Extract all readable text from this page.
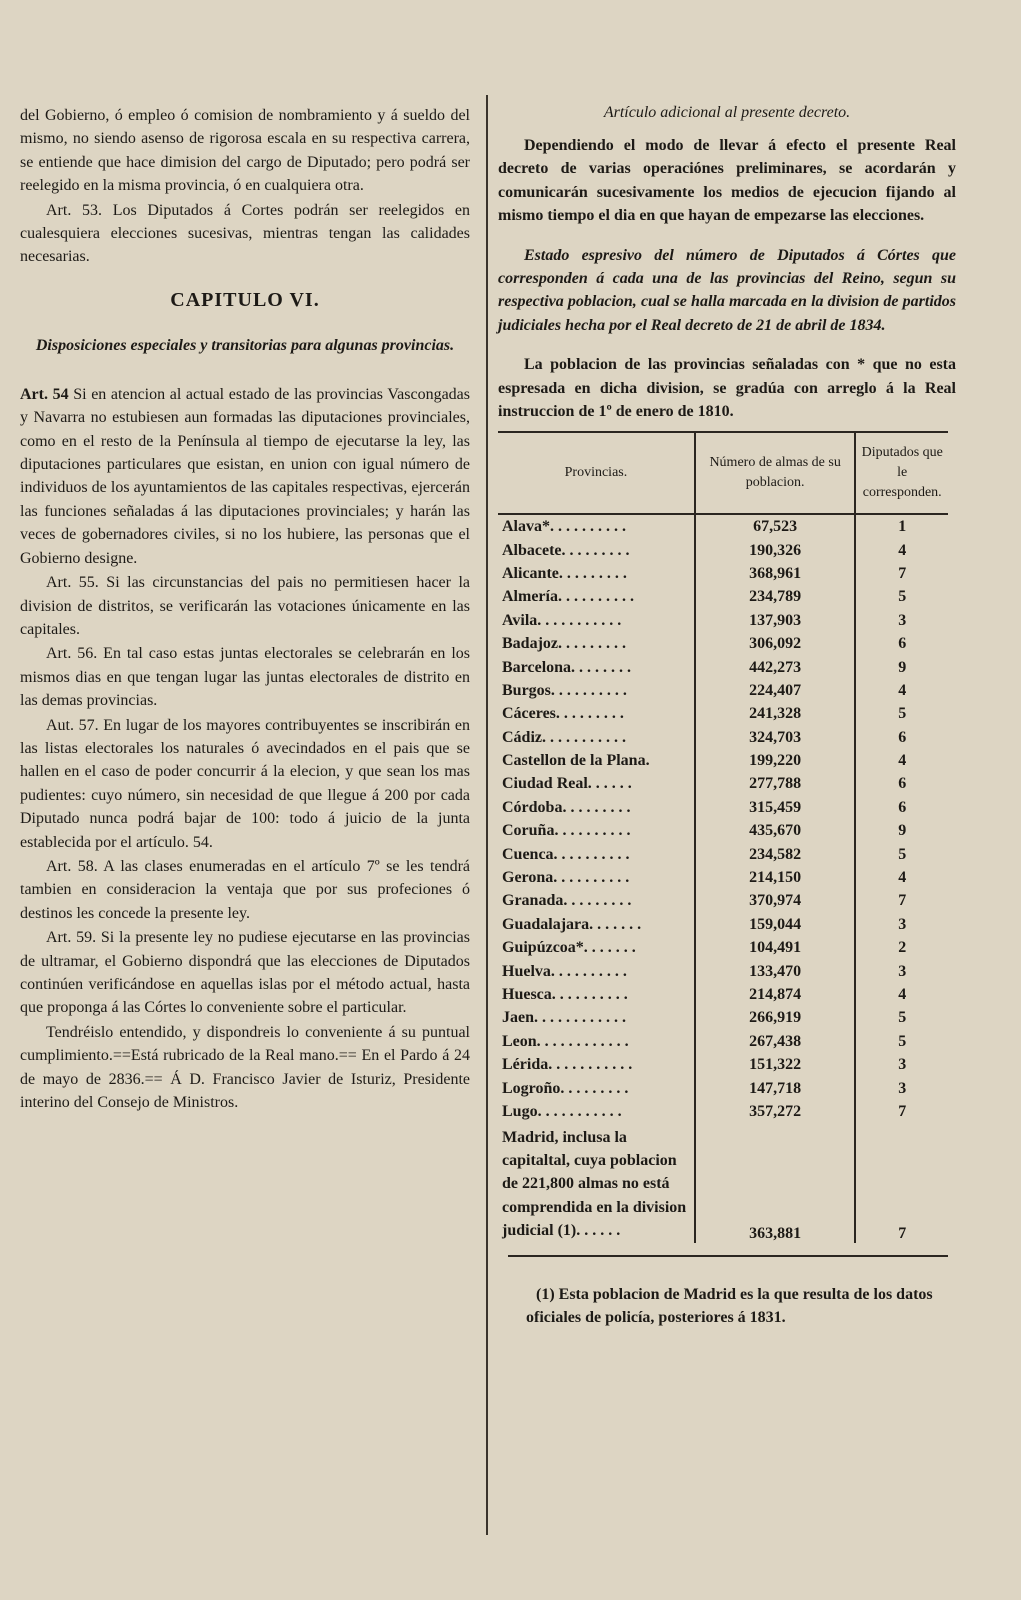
del Gobierno, ó empleo ó comision de nombramiento y á sueldo del mismo, no siendo asenso de rigorosa escala en su respectiva carrera, se entiende que hace dimision del cargo de Diputado; pero podrá ser reelegido en la misma provincia, ó en cualquiera otra.

Art. 53. Los Diputados á Cortes podrán ser reelegidos en cualesquiera elecciones sucesivas, mientras tengan las calidades necesarias.

CAPITULO VI.
Disposiciones especiales y transitorias para algunas provincias.

Art. 54 Si en atencion al actual estado de las provincias Vascongadas y Navarra no estubiesen aun formadas las diputaciones provinciales, como en el resto de la Península al tiempo de ejecutarse la ley, las diputaciones particulares que esistan, en union con igual número de individuos de los ayuntamientos de las capitales respectivas, ejercerán las funciones señaladas á las diputaciones provinciales; y harán las veces de gobernadores civiles, si no los hubiere, las personas que el Gobierno designe.

Art. 55. Si las circunstancias del pais no permitiesen hacer la division de distritos, se verificarán las votaciones únicamente en las capitales.

Art. 56. En tal caso estas juntas electorales se celebrarán en los mismos dias en que tengan lugar las juntas electorales de distrito en las demas provincias.

Aut. 57. En lugar de los mayores contribuyentes se inscribirán en las listas electorales los naturales ó avecindados en el pais que se hallen en el caso de poder concurrir á la elecion, y que sean los mas pudientes: cuyo número, sin necesidad de que llegue á 200 por cada Diputado nunca podrá bajar de 100: todo á juicio de la junta establecida por el artículo. 54.

Art. 58. A las clases enumeradas en el artículo 7º se les tendrá tambien en consideracion la ventaja que por sus profeciones ó destinos les concede la presente ley.

Art. 59. Si la presente ley no pudiese ejecutarse en las provincias de ultramar, el Gobierno dispondrá que las elecciones de Diputados continúen verificándose en aquellas islas por el método actual, hasta que proponga á las Córtes lo conveniente sobre el particular.

Tendréislo entendido, y dispondreis lo conveniente á su puntual cumplimiento.==Está rubricado de la Real mano.== En el Pardo á 24 de mayo de 2836.== Á D. Francisco Javier de Isturiz, Presidente interino del Consejo de Ministros.

Artículo adicional al presente decreto.

Dependiendo el modo de llevar á efecto el presente Real decreto de varias operaciónes preliminares, se acordarán y comunicarán sucesivamente los medios de ejecucion fijando al mismo tiempo el dia en que hayan de empezarse las elecciones.

Estado espresivo del número de Diputados á Córtes que corresponden á cada una de las provincias del Reino, segun su respectiva poblacion, cual se halla marcada en la division de partidos judiciales hecha por el Real decreto de 21 de abril de 1834.

La poblacion de las provincias señaladas con * que no esta espresada en dicha division, se gradúa con arreglo á la Real instruccion de 1º de enero de 1810.

Provincias.	Número de almas de su poblacion.	Diputados que le corresponden.
Alava*. . . . . . . . . .	67,523	1
Albacete. . . . . . . . .	190,326	4
Alicante. . . . . . . . .	368,961	7
Almería. . . . . . . . . .	234,789	5
Avila. . . . . . . . . . .	137,903	3
Badajoz. . . . . . . . .	306,092	6
Barcelona. . . . . . . .	442,273	9
Burgos. . . . . . . . . .	224,407	4
Cáceres. . . . . . . . .	241,328	5
Cádiz. . . . . . . . . . .	324,703	6
Castellon de la Plana.	199,220	4
Ciudad Real. . . . . .	277,788	6
Córdoba. . . . . . . . .	315,459	6
Coruña. . . . . . . . . .	435,670	9
Cuenca. . . . . . . . . .	234,582	5
Gerona. . . . . . . . . .	214,150	4
Granada. . . . . . . . .	370,974	7
Guadalajara. . . . . . .	159,044	3
Guipúzcoa*. . . . . . .	104,491	2
Huelva. . . . . . . . . .	133,470	3
Huesca. . . . . . . . . .	214,874	4
Jaen. . . . . . . . . . . .	266,919	5
Leon. . . . . . . . . . . .	267,438	5
Lérida. . . . . . . . . . .	151,322	3
Logroño. . . . . . . . .	147,718	3
Lugo. . . . . . . . . . .	357,272	7
Madrid, inclusa la capitaltal, cuya poblacion de 221,800 almas no está comprendida en la division judicial (1). . . . . .	363,881	7
(1) Esta poblacion de Madrid es la que resulta de los datos oficiales de policía, posteriores á 1831.
